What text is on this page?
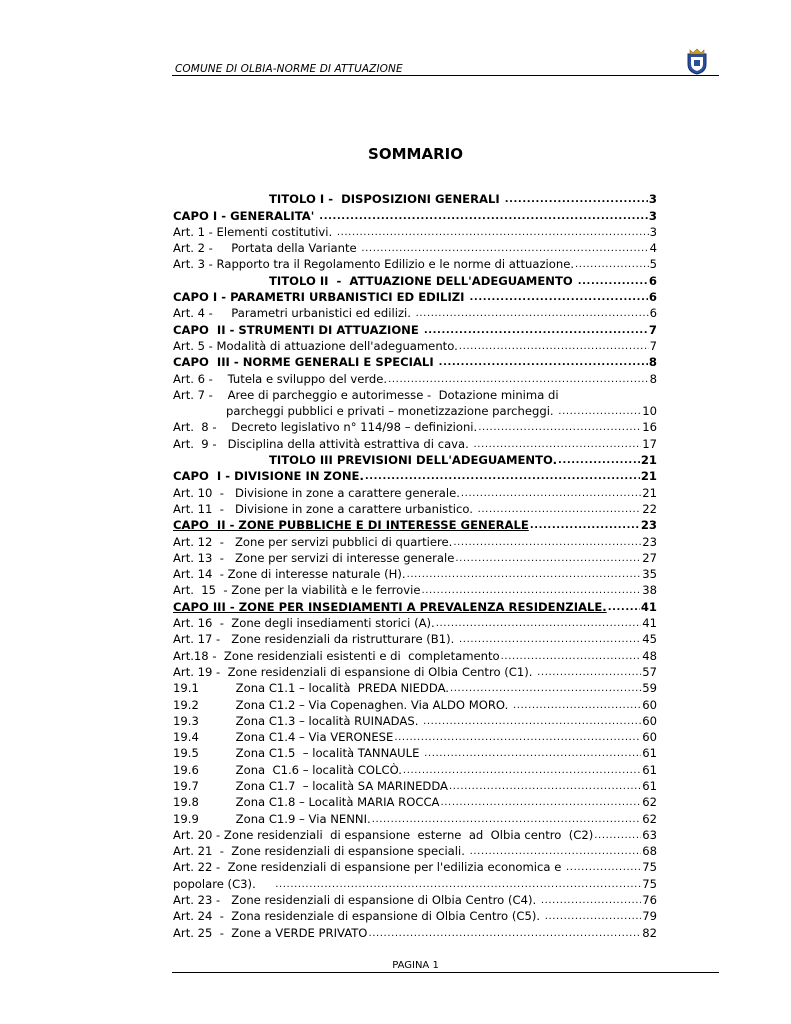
COMUNE DI OLBIA-NORME DI ATTUAZIONE
SOMMARIO
TITOLO I -  DISPOSIZIONI GENERALI .....	3
CAPO I - GENERALITA' .....	3
Art. 1 - Elementi costitutivi. .....	3
Art. 2 -     Portata della Variante .....	4
Art. 3 - Rapporto tra il Regolamento Edilizio e le norme di attuazione. .....	5
TITOLO II  -  ATTUAZIONE DELL'ADEGUAMENTO .....	6
CAPO I - PARAMETRI URBANISTICI ED EDILIZI .....	6
Art. 4 -     Parametri urbanistici ed edilizi. .....	6
CAPO  II - STRUMENTI DI ATTUAZIONE .....	7
Art. 5 - Modalità di attuazione dell'adeguamento. .....	7
CAPO  III - NORME GENERALI E SPECIALI .....	8
Art. 6 -    Tutela e sviluppo del verde. .....	8
Art. 7 -    Aree di parcheggio e autorimesse -  Dotazione minima di
parcheggi pubblici e privati – monetizzazione parcheggi. .....	10
Art.  8 -    Decreto legislativo n° 114/98 – definizioni. .....	16
Art.  9 -   Disciplina della attività estrattiva di cava. .....	17
TITOLO III PREVISIONI DELL'ADEGUAMENTO. .....	21
CAPO  I - DIVISIONE IN ZONE. .....	21
Art. 10  -   Divisione in zone a carattere generale. .....	21
Art. 11  -   Divisione in zone a carattere urbanistico. .....	22
CAPO  II - ZONE PUBBLICHE E DI INTERESSE GENERALE .....	23
Art. 12  -   Zone per servizi pubblici di quartiere. .....	23
Art. 13  -   Zone per servizi di interesse generale .....	27
Art. 14  - Zone di interesse naturale (H). .....	35
Art.  15  - Zone per la viabilità e le ferrovie .....	38
CAPO III - ZONE PER INSEDIAMENTI A PREVALENZA RESIDENZIALE. .....	41
Art. 16  -  Zone degli insediamenti storici (A). .....	41
Art. 17 -   Zone residenziali da ristrutturare (B1). .....	45
Art.18 -  Zone residenziali esistenti e di  completamento .....	48
Art. 19 -  Zone residenziali di espansione di Olbia Centro (C1). .....	57
19.1          Zona C1.1 – località  PREDA NIEDDA. .....	59
19.2          Zona C1.2 – Via Copenaghen. Via ALDO MORO. .....	60
19.3          Zona C1.3 – località RUINADAS. .....	60
19.4          Zona C1.4 – Via VERONESE .....	60
19.5          Zona C1.5  – località TANNAULE .....	61
19.6          Zona  C1.6 – località COLCÒ. .....	61
19.7          Zona C1.7  – località SA MARINEDDA .....	61
19.8          Zona C1.8 – Località MARIA ROCCA .....	62
19.9          Zona C1.9 – Via NENNI. .....	62
Art. 20 - Zone residenziali  di espansione  esterne  ad  Olbia centro  (C2) .....	63
Art. 21  -  Zone residenziali di espansione speciali. .....	68
Art. 22 -  Zone residenziali di espansione per l'edilizia economica e .....	75
popolare (C3). .....	75
Art. 23 -   Zone residenziali di espansione di Olbia Centro (C4). .....	76
Art. 24  -  Zona residenziale di espansione di Olbia Centro (C5). .....	79
Art. 25  -  Zone a VERDE PRIVATO .....	82
PAGINA 1
